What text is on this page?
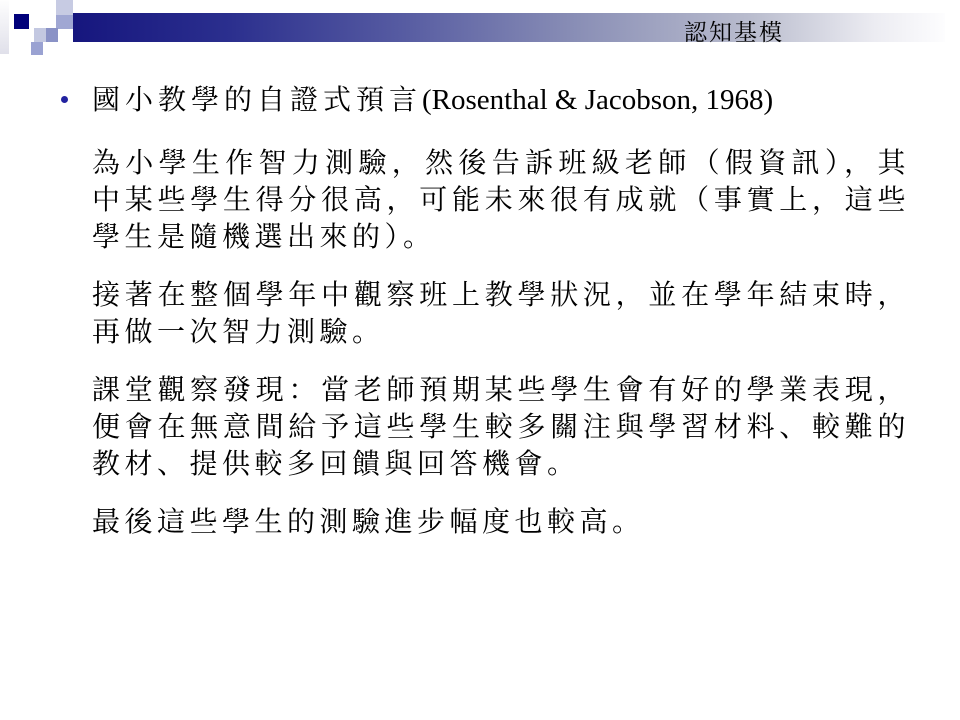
認知基模
國小教學的自證式預言(Rosenthal & Jacobson, 1968)

為小學生作智力測驗，然後告訴班級老師（假資訊），其中某些學生得分很高，可能未來很有成就（事實上，這些學生是隨機選出來的）。

接著在整個學年中觀察班上教學狀況，並在學年結束時，再做一次智力測驗。

課堂觀察發現：當老師預期某些學生會有好的學業表現，便會在無意間給予這些學生較多關注與學習材料、較難的教材、提供較多回饋與回答機會。

最後這些學生的測驗進步幅度也較高。
